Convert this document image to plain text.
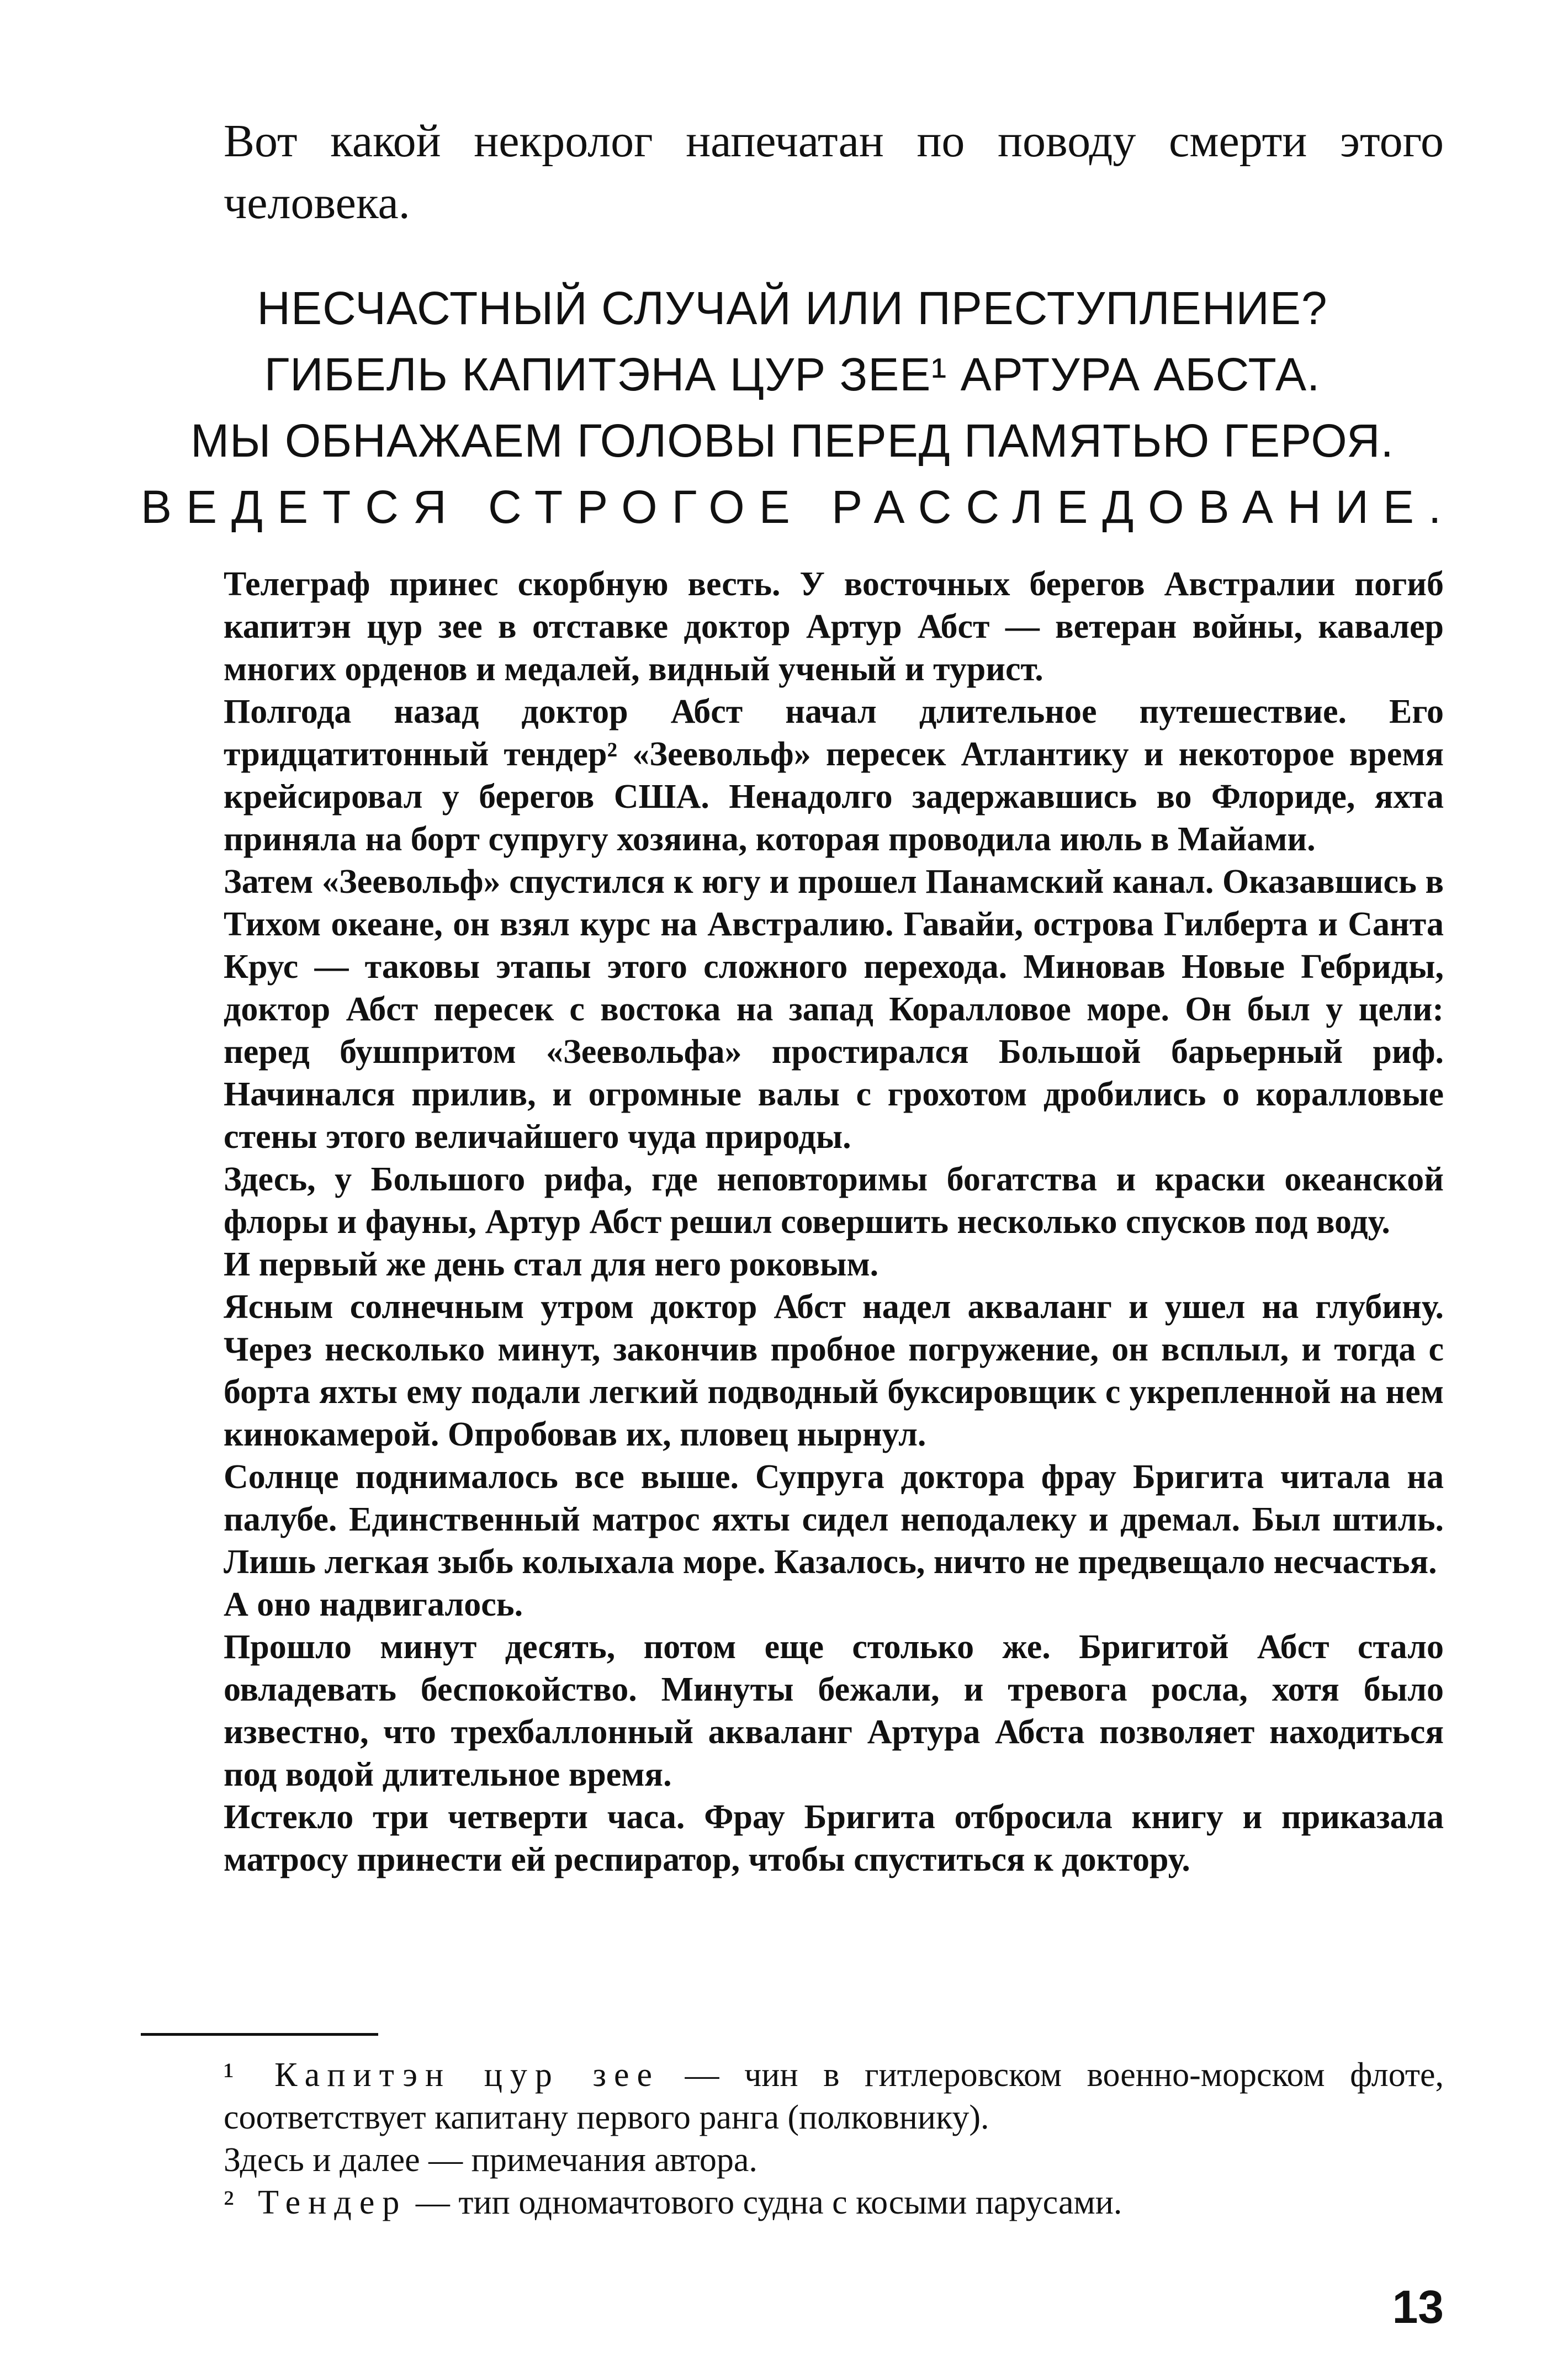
Вот какой некролог напечатан по поводу смерти этого человека.
НЕСЧАСТНЫЙ СЛУЧАЙ ИЛИ ПРЕСТУПЛЕНИЕ?
ГИБЕЛЬ КАПИТЭНА ЦУР ЗЕЕ¹ АРТУРА АБСТА.
МЫ ОБНАЖАЕМ ГОЛОВЫ ПЕРЕД ПАМЯТЬЮ ГЕРОЯ.
ВЕДЕТСЯ СТРОГОЕ РАССЛЕДОВАНИЕ.

Телеграф принес скорбную весть. У восточных берегов Австралии погиб капитэн цур зее в отставке доктор Артур Абст — ветеран войны, кавалер многих орденов и медалей, видный ученый и турист.

Полгода назад доктор Абст начал длительное путешествие. Его тридцатитонный тендер² «Зеевольф» пересек Атлантику и некоторое время крейсировал у берегов США. Ненадолго задержавшись во Флориде, яхта приняла на борт супругу хозяина, которая проводила июль в Майами.

Затем «Зеевольф» спустился к югу и прошел Панамский канал. Оказавшись в Тихом океане, он взял курс на Австралию. Гавайи, острова Гилберта и Санта Крус — таковы этапы этого сложного перехода. Миновав Новые Гебриды, доктор Абст пересек с востока на запад Коралловое море. Он был у цели: перед бушпритом «Зеевольфа» простирался Большой барьерный риф. Начинался прилив, и огромные валы с грохотом дробились о коралловые стены этого величайшего чуда природы.

Здесь, у Большого рифа, где неповторимы богатства и краски океанской флоры и фауны, Артур Абст решил совершить несколько спусков под воду.

И первый же день стал для него роковым.

Ясным солнечным утром доктор Абст надел акваланг и ушел на глубину. Через несколько минут, закончив пробное погружение, он всплыл, и тогда с борта яхты ему подали легкий подводный буксировщик с укрепленной на нем кинокамерой. Опробовав их, пловец нырнул.

Солнце поднималось все выше. Супруга доктора фрау Бригита читала на палубе. Единственный матрос яхты сидел неподалеку и дремал. Был штиль. Лишь легкая зыбь колыхала море. Казалось, ничто не предвещало несчастья.

А оно надвигалось.

Прошло минут десять, потом еще столько же. Бригитой Абст стало овладевать беспокойство. Минуты бежали, и тревога росла, хотя было известно, что трехбаллонный акваланг Артура Абста позволяет находиться под водой длительное время.

Истекло три четверти часа. Фрау Бригита отбросила книгу и приказала матросу принести ей респиратор, чтобы спуститься к доктору.

¹ Капитэн цур зее — чин в гитлеровском военно-морском флоте, соответствует капитану первого ранга (полковнику).

Здесь и далее — примечания автора.

² Тендер — тип одномачтового судна с косыми парусами.

13
